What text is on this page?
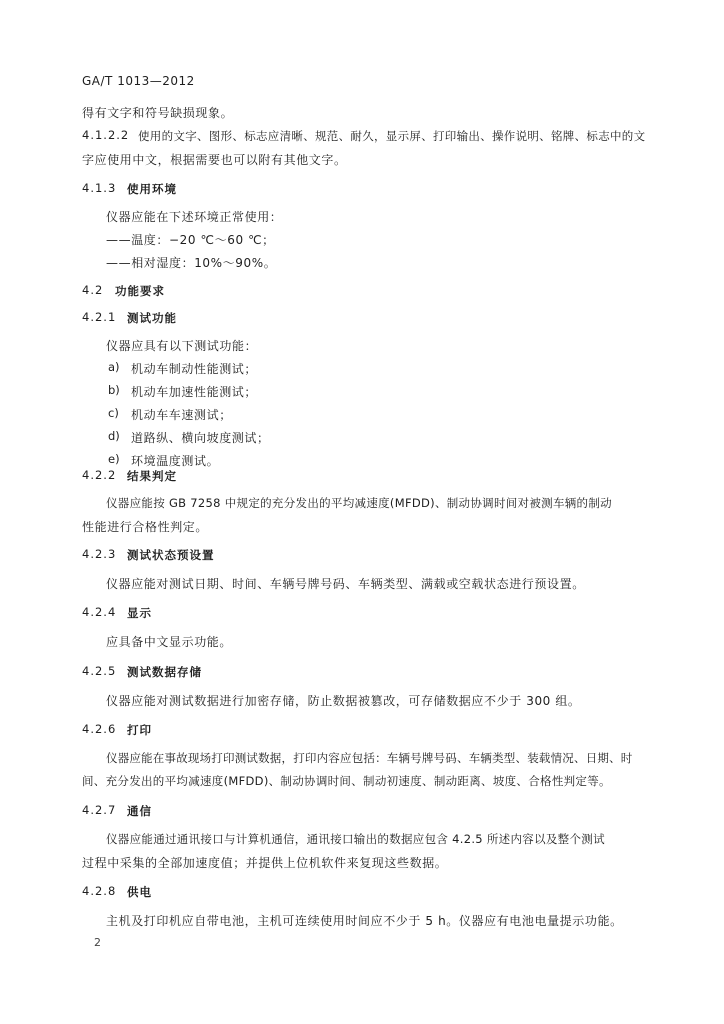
GA/T 1013—2012
得有文字和符号缺损现象。
4.1.2.2 使用的文字、图形、标志应清晰、规范、耐久，显示屏、打印输出、操作说明、铭牌、标志中的文
字应使用中文，根据需要也可以附有其他文字。
4.1.3 使用环境
仪器应能在下述环境正常使用：
——温度：−20 ℃～60 ℃；
——相对湿度：10%～90%。
4.2 功能要求
4.2.1 测试功能
仪器应具有以下测试功能：
a) 机动车制动性能测试；
b) 机动车加速性能测试；
c) 机动车车速测试；
d) 道路纵、横向坡度测试；
e) 环境温度测试。
4.2.2 结果判定
仪器应能按 GB 7258 中规定的充分发出的平均减速度(MFDD)、制动协调时间对被测车辆的制动
性能进行合格性判定。
4.2.3 测试状态预设置
仪器应能对测试日期、时间、车辆号牌号码、车辆类型、满载或空载状态进行预设置。
4.2.4 显示
应具备中文显示功能。
4.2.5 测试数据存储
仪器应能对测试数据进行加密存储，防止数据被篡改，可存储数据应不少于 300 组。
4.2.6 打印
仪器应能在事故现场打印测试数据，打印内容应包括：车辆号牌号码、车辆类型、装载情况、日期、时
间、充分发出的平均减速度(MFDD)、制动协调时间、制动初速度、制动距离、坡度、合格性判定等。
4.2.7 通信
仪器应能通过通讯接口与计算机通信，通讯接口输出的数据应包含 4.2.5 所述内容以及整个测试
过程中采集的全部加速度值；并提供上位机软件来复现这些数据。
4.2.8 供电
主机及打印机应自带电池，主机可连续使用时间应不少于 5 h。仪器应有电池电量提示功能。
2
